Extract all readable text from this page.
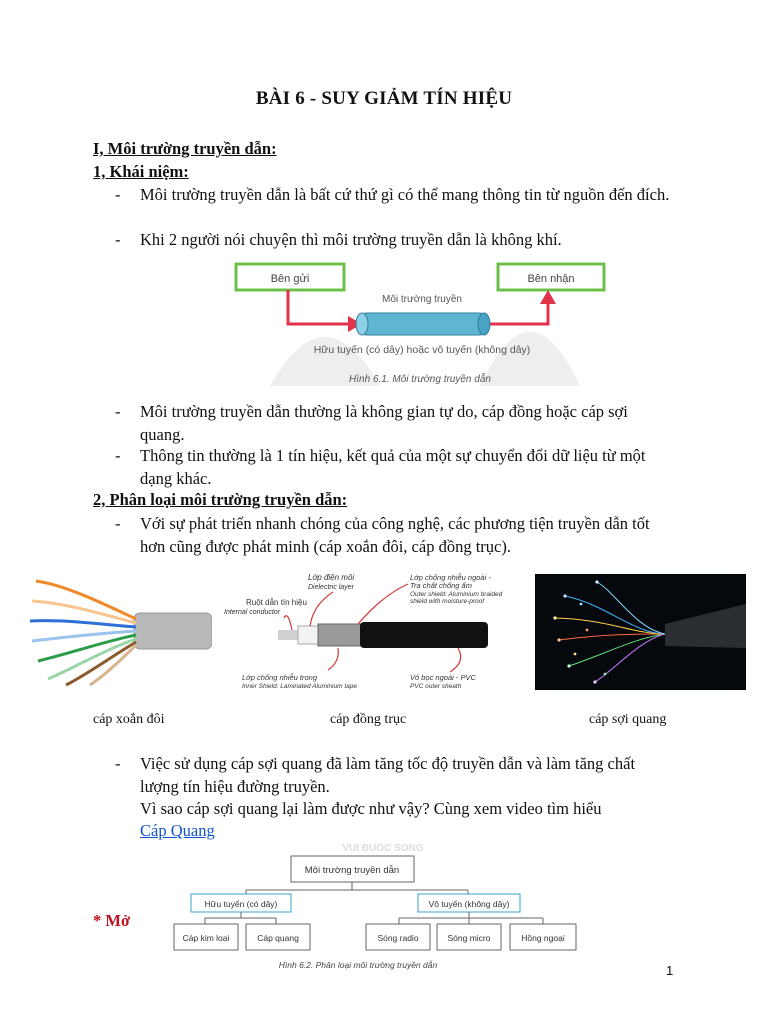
BÀI 6 - SUY GIẢM TÍN HIỆU
I, Môi trường truyền dẫn:
1, Khái niệm:
- Môi trường truyền dẫn là bất cứ thứ gì có thể mang thông tin từ nguồn đến đích.
- Khi 2 người nói chuyện thì môi trường truyền dẫn là không khí.
Bên gửi	Bên nhận
Môi trường truyền
Hữu tuyến (có dây) hoặc vô tuyến (không dây)
Hình 6.1. Môi trường truyền dẫn
- Môi trường truyền dẫn thường là không gian tự do, cáp đồng hoặc cáp sợi quang.
- Thông tin thường là 1 tín hiệu, kết quả của một sự chuyển đổi dữ liệu từ một dạng khác.
2, Phân loại môi trường truyền dẫn:
- Với sự phát triển nhanh chóng của công nghệ, các phương tiện truyền dẫn tốt hơn cũng được phát minh (cáp xoắn đôi, cáp đồng trục).
Ruột dẫn tín hiệu
Internal conductor
Lớp điện môi
Dielectric layer
Lớp chống nhiễu ngoài -
Tra chất chống ẩm
Outer shield: Aluminium braided
shield with moisture-proof
Lớp chống nhiễu trong
Inner Shield: Laminated Aluminium tape
Vỏ bọc ngoài - PVC
PVC outer sheath
cáp xoắn đôi	cáp đồng trục	cáp sợi quang
- Việc sử dụng cáp sợi quang đã làm tăng tốc độ truyền dẫn và làm tăng chất lượng tín hiệu đường truyền.
Vì sao cáp sợi quang lại làm được như vậy? Cùng xem video tìm hiểu
Cáp Quang
* Mở
VUI ĐUOC SONG
Môi trường truyền dẫn
Hữu tuyến (có dây)	Vô tuyến (không dây)
Cáp kim loại	Cáp quang	Sóng radio	Sóng micro	Hồng ngoại
Hình 6.2. Phân loại môi trường truyền dẫn	1
